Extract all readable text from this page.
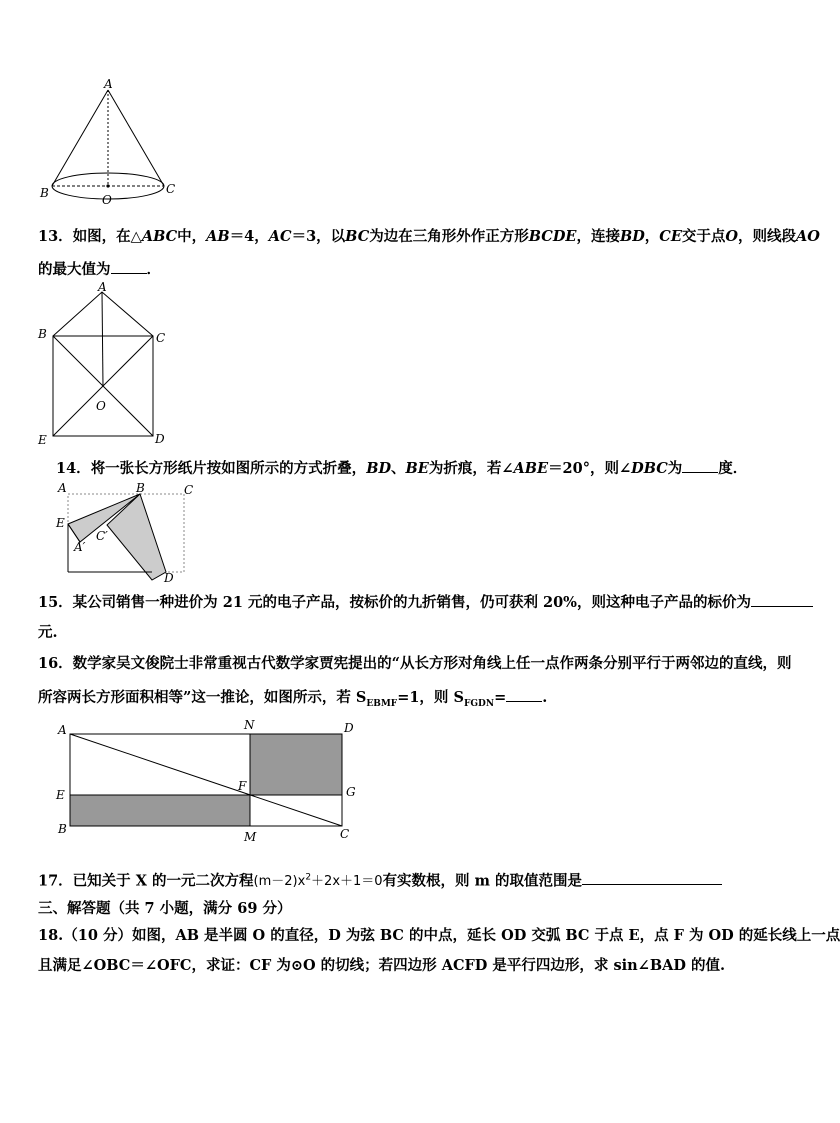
A
B	C
O
13．如图，在△ABC中，AB＝4，AC＝3，以BC为边在三角形外作正方形BCDE，连接BD，CE交于点O，则线段AO
的最大值为 ．
A
B	C
O
E	D
14．将一张长方形纸片按如图所示的方式折叠，BD、BE为折痕，若∠ABE＝20°，则∠DBC为 度．
A	B	C
E
A′
C′
D
15．某公司销售一种进价为 21 元的电子产品，按标价的九折销售，仍可获利 20%，则这种电子产品的标价为
元.
16．数学家吴文俊院士非常重视古代数学家贾宪提出的“从长方形对角线上任一点作两条分别平行于两邻边的直线，则
所容两长方形面积相等”这一推论，如图所示，若 $S_{EBMF}=1$，则 $S_{FGDN}=$ .
A	N	D
E
F	G
B
M	C
17．已知关于 X 的一元二次方程$(m-2)x^2+2x+1=0$有实数根，则 m 的取值范围是
三、解答题（共 7 小题，满分 69 分）
18.（10 分）如图，AB 是半圆 O 的直径，D 为弦 BC 的中点，延长 OD 交弧 BC 于点 E，点 F 为 OD 的延长线上一点
且满足∠OBC＝∠OFC，求证：CF 为⊙O 的切线；若四边形 ACFD 是平行四边形，求 sin∠BAD 的值.
